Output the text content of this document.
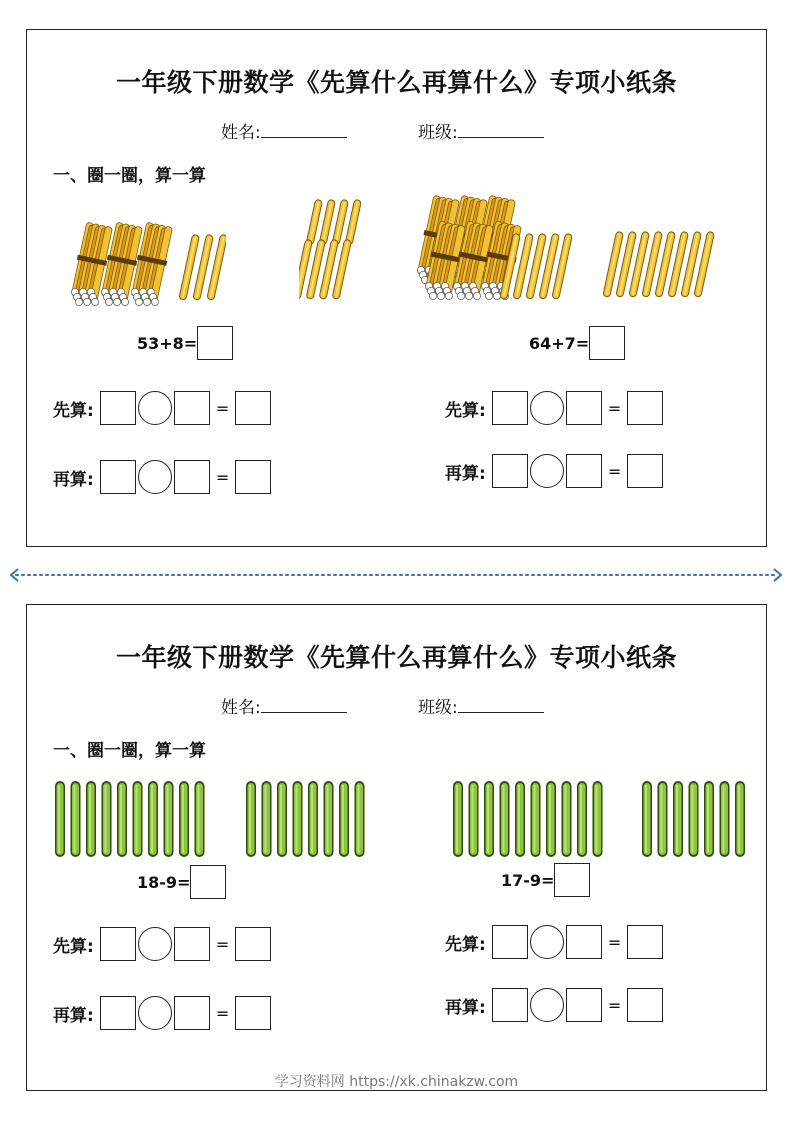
一年级下册数学《先算什么再算什么》专项小纸条
姓名:	班级:
一、圈一圈，算一算
53+8=	64+7=
先算:	=
再算:	=
先算:	=
再算:	=
一年级下册数学《先算什么再算什么》专项小纸条
姓名:	班级:
一、圈一圈，算一算
18-9=	17-9=
先算:	=
再算:	=
先算:	=
再算:	=
学习资料网 https://xk.chinakzw.com
